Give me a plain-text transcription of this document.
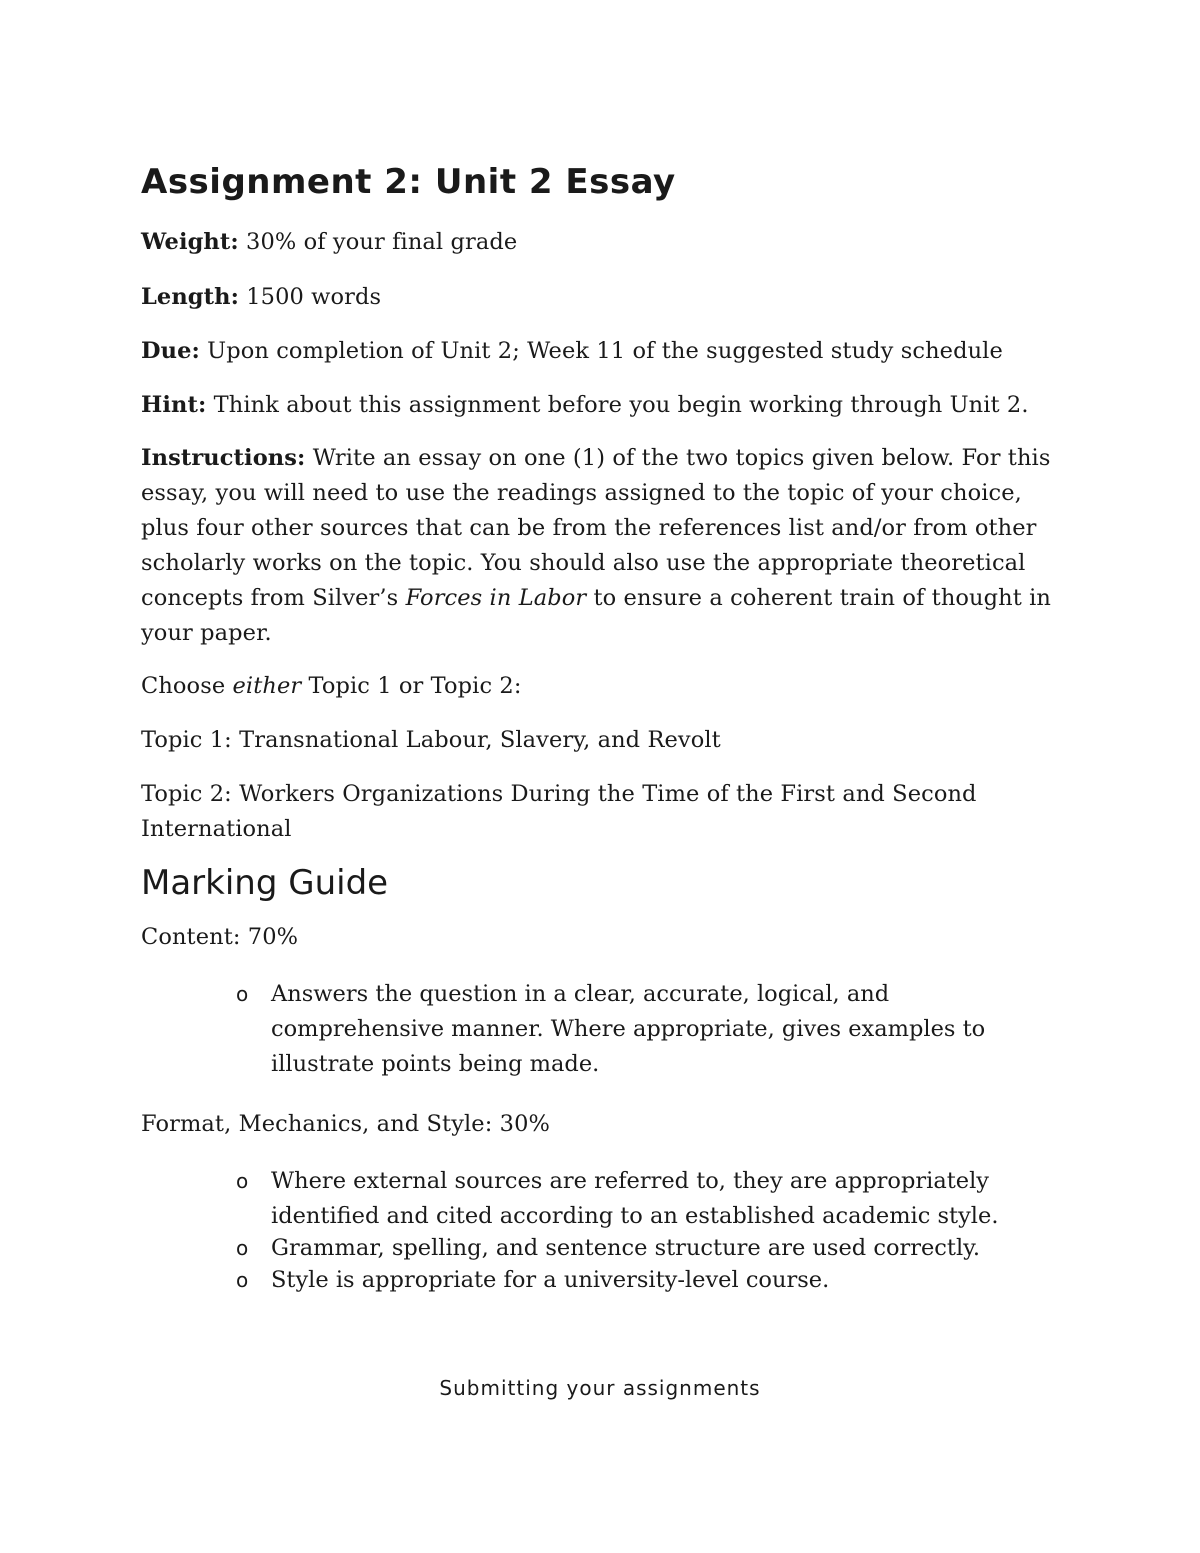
Assignment 2: Unit 2 Essay

Weight: 30% of your final grade

Length: 1500 words

Due: Upon completion of Unit 2; Week 11 of the suggested study schedule

Hint: Think about this assignment before you begin working through Unit 2.

Instructions: Write an essay on one (1) of the two topics given below. For this essay, you will need to use the readings assigned to the topic of your choice, plus four other sources that can be from the references list and/or from other scholarly works on the topic. You should also use the appropriate theoretical concepts from Silver’s Forces in Labor to ensure a coherent train of thought in your paper.

Choose either Topic 1 or Topic 2:

Topic 1: Transnational Labour, Slavery, and Revolt

Topic 2: Workers Organizations During the Time of the First and Second International

Marking Guide

Content: 70%

o Answers the question in a clear, accurate, logical, and comprehensive manner. Where appropriate, gives examples to illustrate points being made.

Format, Mechanics, and Style: 30%

o Where external sources are referred to, they are appropriately identified and cited according to an established academic style.
o Grammar, spelling, and sentence structure are used correctly.
o Style is appropriate for a university-level course.
Submitting your assignments
